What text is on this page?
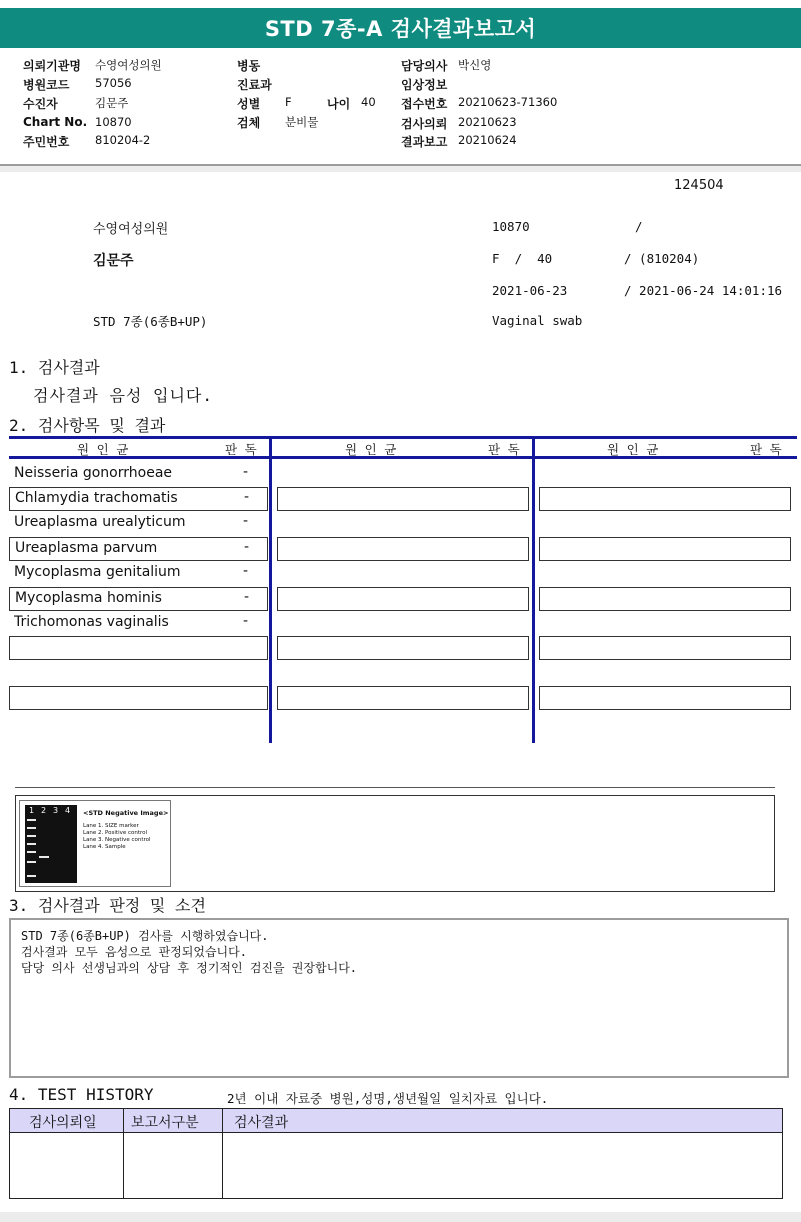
STD 7종-A 검사결과보고서
의뢰기관명 수영여성의원
병원코드 57056
수진자	김문주
Chart No. 10870
주민번호 810204-2
병동
진료과
성별 F	나이 40
검체 분비물
담당의사 박신영
임상정보
접수번호 20210623-71360
검사의뢰 20210623
결과보고 20210624
124504
수영여성의원	10870              /
김문주	F  /  40	/ (810204)
2021-06-23	/ 2021-06-24 14:01:16
STD 7종(6종B+UP)	Vaginal swab
1. 검사결과
검사결과 음성 입니다.
2. 검사항목 및 결과
원 인 균	판 독	원 인 균	판 독	원 인 균	판 독
Neisseria gonorrhoeae	-
Chlamydia trachomatis	-
Ureaplasma urealyticum	-
Ureaplasma parvum	-
Mycoplasma genitalium	-
Mycoplasma hominis	-
Trichomonas vaginalis	-
1 2 3 4 <STD Negative Image>
Lane 1. SIZE marker
Lane 2. Positive control
Lane 3. Negative control
Lane 4. Sample
3. 검사결과 판정 및 소견
STD 7종(6종B+UP) 검사를 시행하였습니다.
검사결과 모두 음성으로 판정되었습니다.
담당 의사 선생님과의 상담 후 정기적인 검진을 권장합니다.
4. TEST HISTORY	2년 이내 자료중 병원,성명,생년월일 일치자료 입니다.
검사의뢰일 보고서구분	검사결과
